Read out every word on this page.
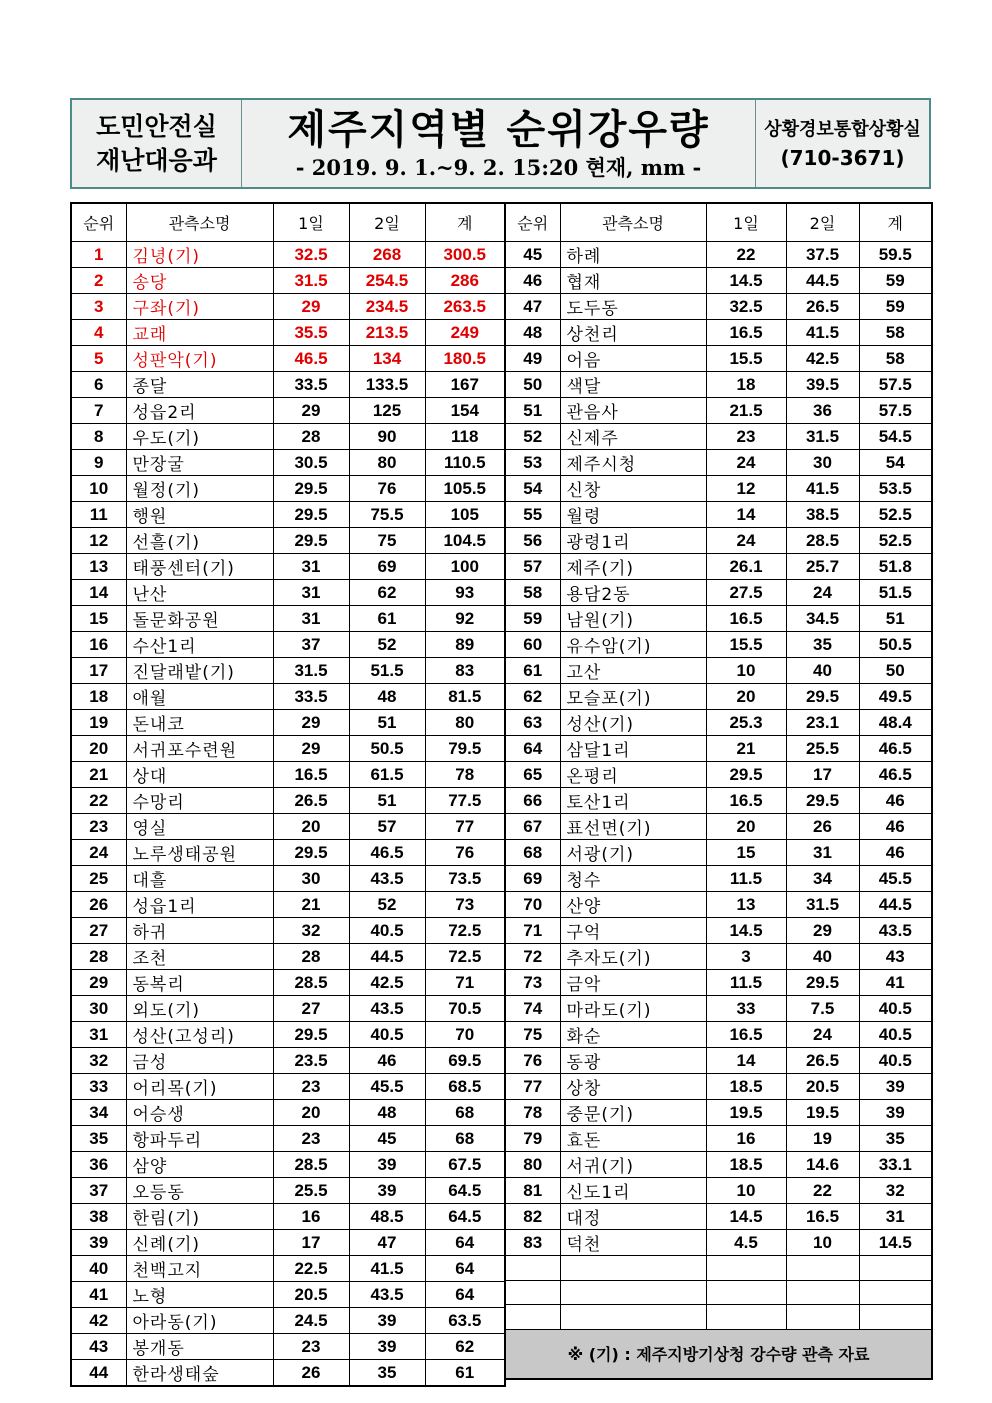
도민안전실
재난대응과
제주지역별 순위강우량
- 2019. 9. 1.~9. 2. 15:20 현재, mm -
상황경보통합상황실
(710-3671)
순위	관측소명	1일	2일	계
1	김녕(기)	32.5	268	300.5
2	송당	31.5	254.5	286
3	구좌(기)	29	234.5	263.5
4	교래	35.5	213.5	249
5	성판악(기)	46.5	134	180.5
6	종달	33.5	133.5	167
7	성읍2리	29	125	154
8	우도(기)	28	90	118
9	만장굴	30.5	80	110.5
10	월정(기)	29.5	76	105.5
11	행원	29.5	75.5	105
12	선흘(기)	29.5	75	104.5
13	태풍센터(기)	31	69	100
14	난산	31	62	93
15	돌문화공원	31	61	92
16	수산1리	37	52	89
17	진달래밭(기)	31.5	51.5	83
18	애월	33.5	48	81.5
19	돈내코	29	51	80
20	서귀포수련원	29	50.5	79.5
21	상대	16.5	61.5	78
22	수망리	26.5	51	77.5
23	영실	20	57	77
24	노루생태공원	29.5	46.5	76
25	대흘	30	43.5	73.5
26	성읍1리	21	52	73
27	하귀	32	40.5	72.5
28	조천	28	44.5	72.5
29	동복리	28.5	42.5	71
30	외도(기)	27	43.5	70.5
31	성산(고성리)	29.5	40.5	70
32	금성	23.5	46	69.5
33	어리목(기)	23	45.5	68.5
34	어승생	20	48	68
35	항파두리	23	45	68
36	삼양	28.5	39	67.5
37	오등동	25.5	39	64.5
38	한림(기)	16	48.5	64.5
39	신례(기)	17	47	64
40	천백고지	22.5	41.5	64
41	노형	20.5	43.5	64
42	아라동(기)	24.5	39	63.5
43	봉개동	23	39	62
44	한라생태숲	26	35	61
순위	관측소명	1일	2일	계
45	하례	22	37.5	59.5
46	협재	14.5	44.5	59
47	도두동	32.5	26.5	59
48	상천리	16.5	41.5	58
49	어음	15.5	42.5	58
50	색달	18	39.5	57.5
51	관음사	21.5	36	57.5
52	신제주	23	31.5	54.5
53	제주시청	24	30	54
54	신창	12	41.5	53.5
55	월령	14	38.5	52.5
56	광령1리	24	28.5	52.5
57	제주(기)	26.1	25.7	51.8
58	용담2동	27.5	24	51.5
59	남원(기)	16.5	34.5	51
60	유수암(기)	15.5	35	50.5
61	고산	10	40	50
62	모슬포(기)	20	29.5	49.5
63	성산(기)	25.3	23.1	48.4
64	삼달1리	21	25.5	46.5
65	온평리	29.5	17	46.5
66	토산1리	16.5	29.5	46
67	표선면(기)	20	26	46
68	서광(기)	15	31	46
69	청수	11.5	34	45.5
70	산양	13	31.5	44.5
71	구억	14.5	29	43.5
72	추자도(기)	3	40	43
73	금악	11.5	29.5	41
74	마라도(기)	33	7.5	40.5
75	화순	16.5	24	40.5
76	동광	14	26.5	40.5
77	상창	18.5	20.5	39
78	중문(기)	19.5	19.5	39
79	효돈	16	19	35
80	서귀(기)	18.5	14.6	33.1
81	신도1리	10	22	32
82	대정	14.5	16.5	31
83	덕천	4.5	10	14.5

※ (기) : 제주지방기상청 강수량 관측 자료				
